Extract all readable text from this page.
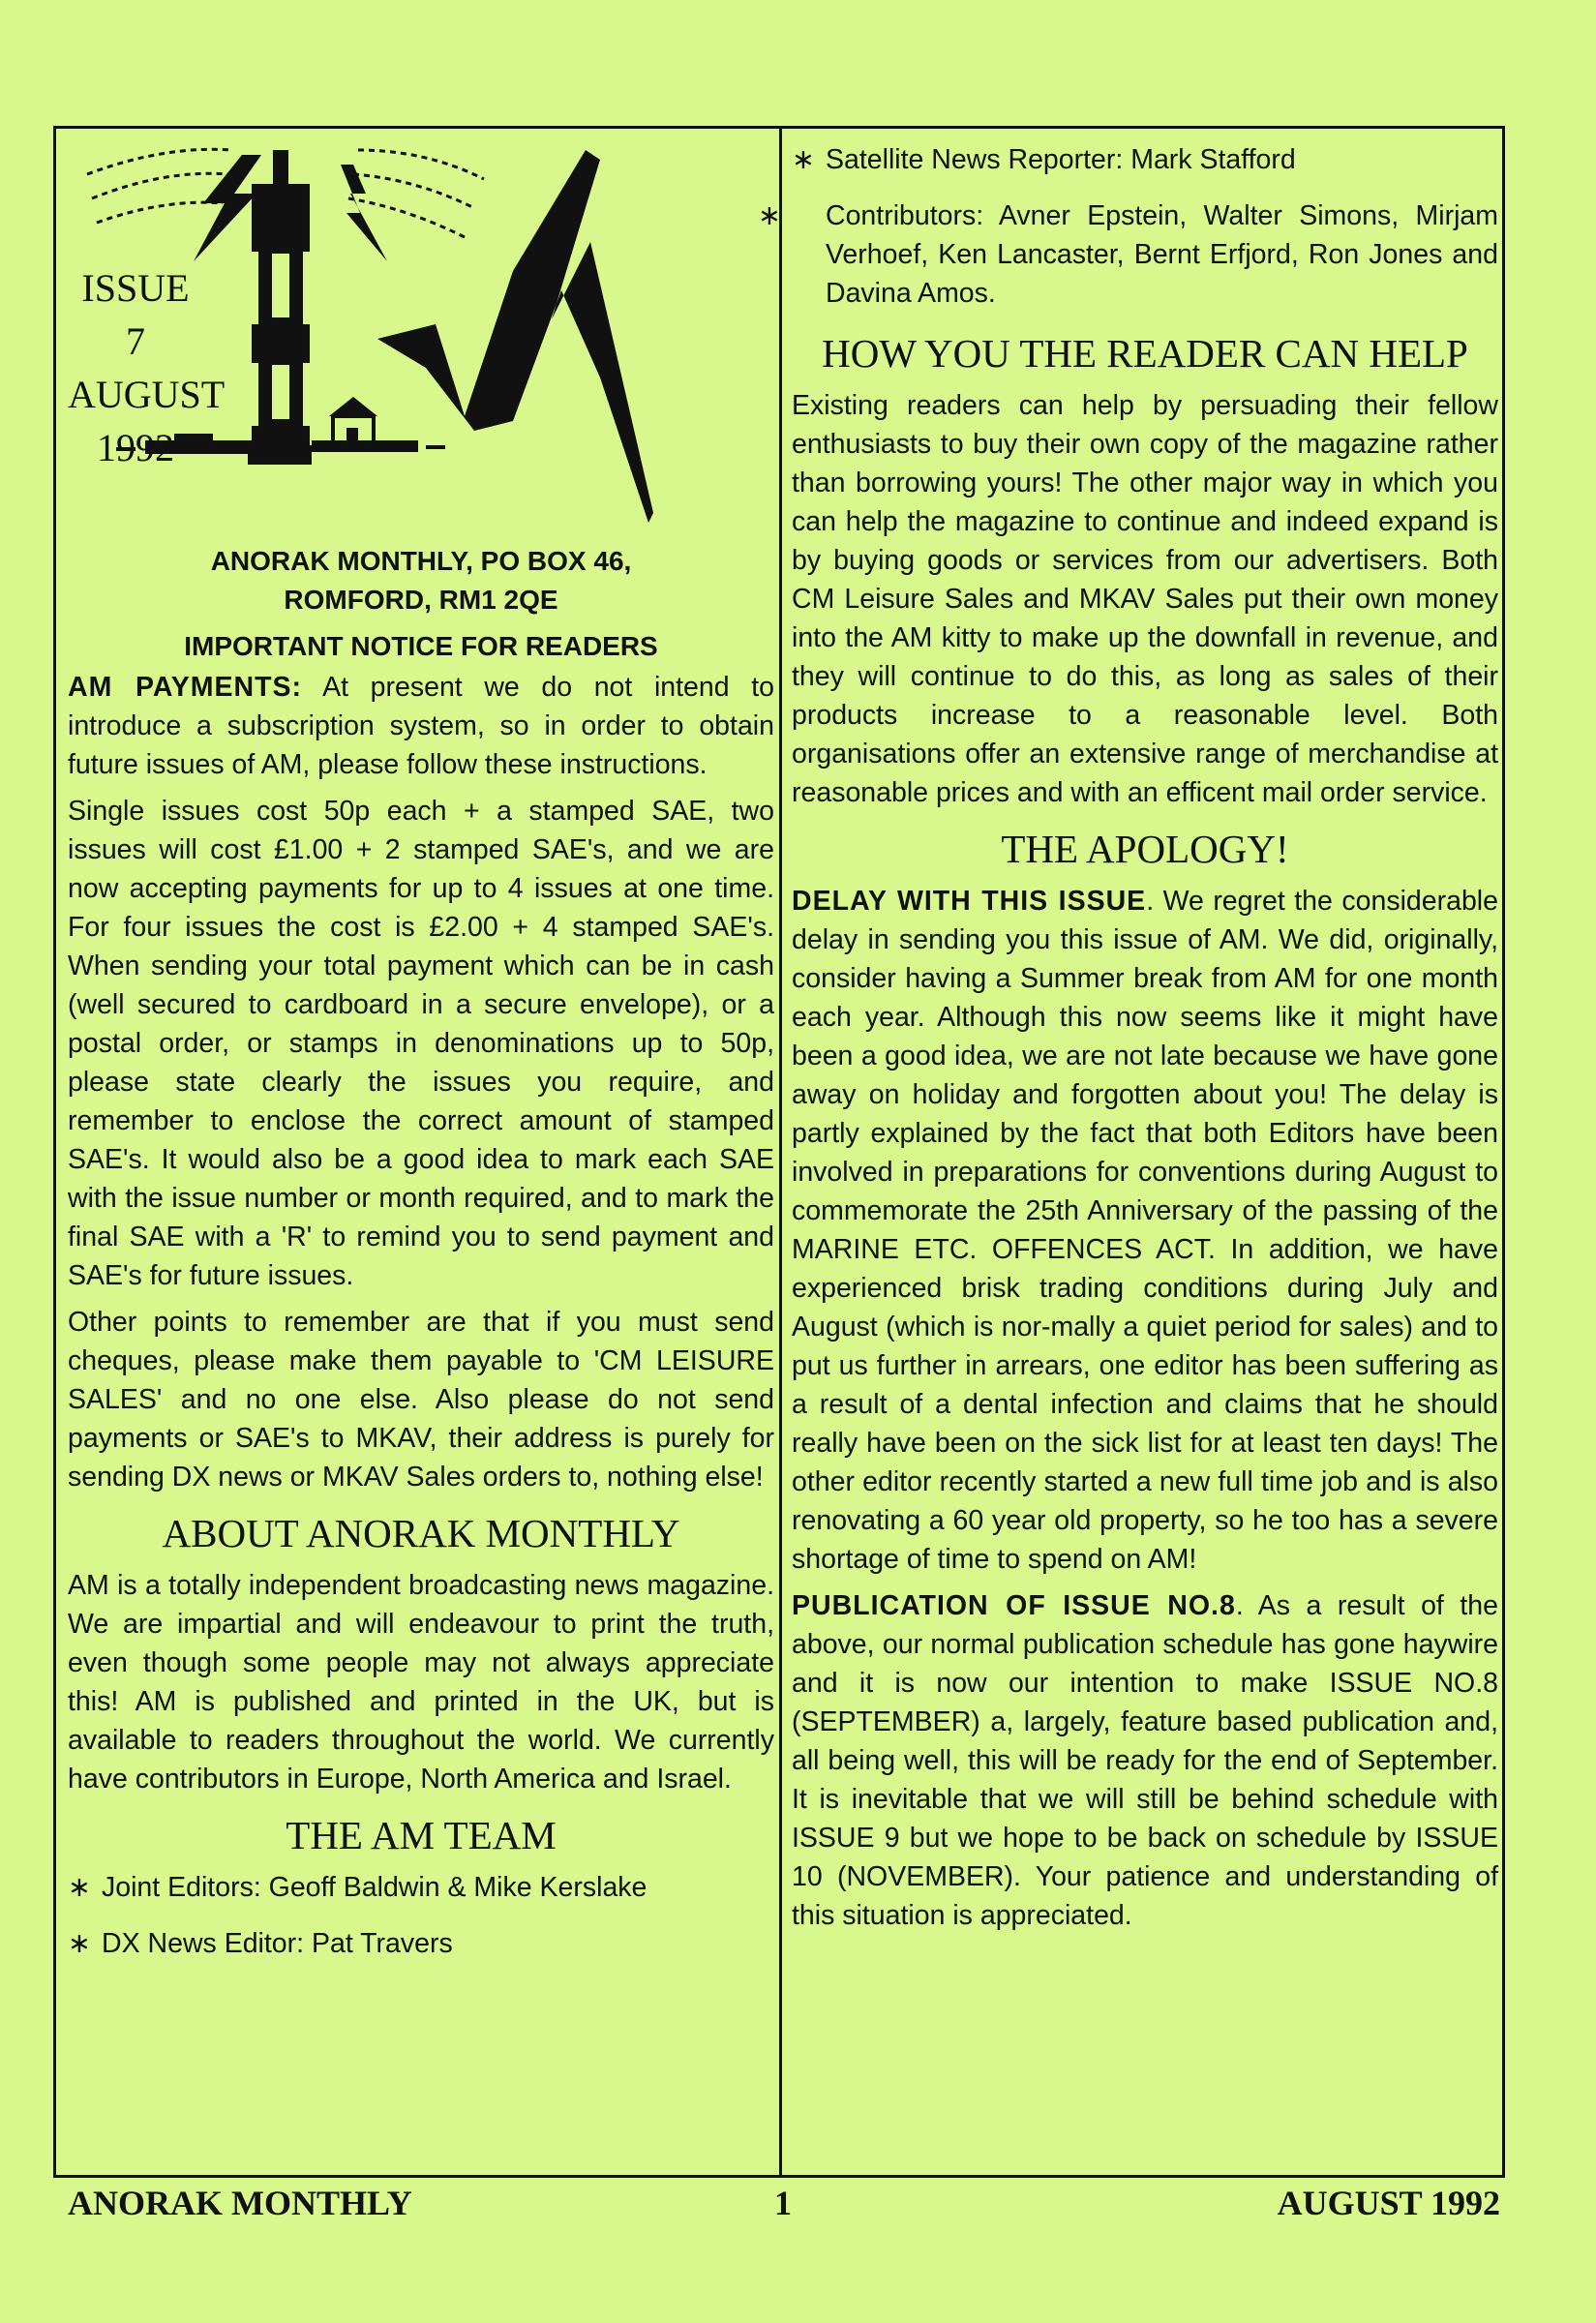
ISSUE 7
AUGUST
1992
ANORAK MONTHLY, PO BOX 46,
ROMFORD, RM1 2QE
IMPORTANT NOTICE FOR READERS

AM PAYMENTS: At present we do not intend to introduce a subscription system, so in order to obtain future issues of AM, please follow these instructions.

Single issues cost 50p each + a stamped SAE, two issues will cost £1.00 + 2 stamped SAE's, and we are now accepting payments for up to 4 issues at one time. For four issues the cost is £2.00 + 4 stamped SAE's. When sending your total payment which can be in cash (well secured to cardboard in a secure envelope), or a postal order, or stamps in denominations up to 50p, please state clearly the issues you require, and remember to enclose the correct amount of stamped SAE's. It would also be a good idea to mark each SAE with the issue number or month required, and to mark the final SAE with a 'R' to remind you to send payment and SAE's for future issues.

Other points to remember are that if you must send cheques, please make them payable to 'CM LEISURE SALES' and no one else. Also please do not send payments or SAE's to MKAV, their address is purely for sending DX news or MKAV Sales orders to, nothing else!

ABOUT ANORAK MONTHLY

AM is a totally independent broadcasting news magazine. We are impartial and will endeavour to print the truth, even though some people may not always appreciate this! AM is published and printed in the UK, but is available to readers throughout the world. We currently have contributors in Europe, North America and Israel.

THE AM TEAM
∗ Joint Editors: Geoff Baldwin & Mike Kerslake
∗ DX News Editor: Pat Travers
∗ Satellite News Reporter: Mark Stafford
∗ Contributors: Avner Epstein, Walter Simons, Mirjam Verhoef, Ken Lancaster, Bernt Erfjord, Ron Jones and Davina Amos.
HOW YOU THE READER CAN HELP

Existing readers can help by persuading their fellow enthusiasts to buy their own copy of the magazine rather than borrowing yours! The other major way in which you can help the magazine to continue and indeed expand is by buying goods or services from our advertisers. Both CM Leisure Sales and MKAV Sales put their own money into the AM kitty to make up the downfall in revenue, and they will continue to do this, as long as sales of their products increase to a reasonable level. Both organisations offer an extensive range of merchandise at reasonable prices and with an efficent mail order service.

THE APOLOGY!

DELAY WITH THIS ISSUE. We regret the considerable delay in sending you this issue of AM. We did, originally, consider having a Summer break from AM for one month each year. Although this now seems like it might have been a good idea, we are not late because we have gone away on holiday and forgotten about you! The delay is partly explained by the fact that both Editors have been involved in preparations for conventions during August to commemorate the 25th Anniversary of the passing of the MARINE ETC. OFFENCES ACT. In addition, we have experienced brisk trading conditions during July and August (which is nor-mally a quiet period for sales) and to put us further in arrears, one editor has been suffering as a result of a dental infection and claims that he should really have been on the sick list for at least ten days! The other editor recently started a new full time job and is also renovating a 60 year old property, so he too has a severe shortage of time to spend on AM!

PUBLICATION OF ISSUE NO.8. As a result of the above, our normal publication schedule has gone haywire and it is now our intention to make ISSUE NO.8 (SEPTEMBER) a, largely, feature based publication and, all being well, this will be ready for the end of September. It is inevitable that we will still be behind schedule with ISSUE 9 but we hope to be back on schedule by ISSUE 10 (NOVEMBER). Your patience and understanding of this situation is appreciated.

ANORAK MONTHLY	1	AUGUST 1992
